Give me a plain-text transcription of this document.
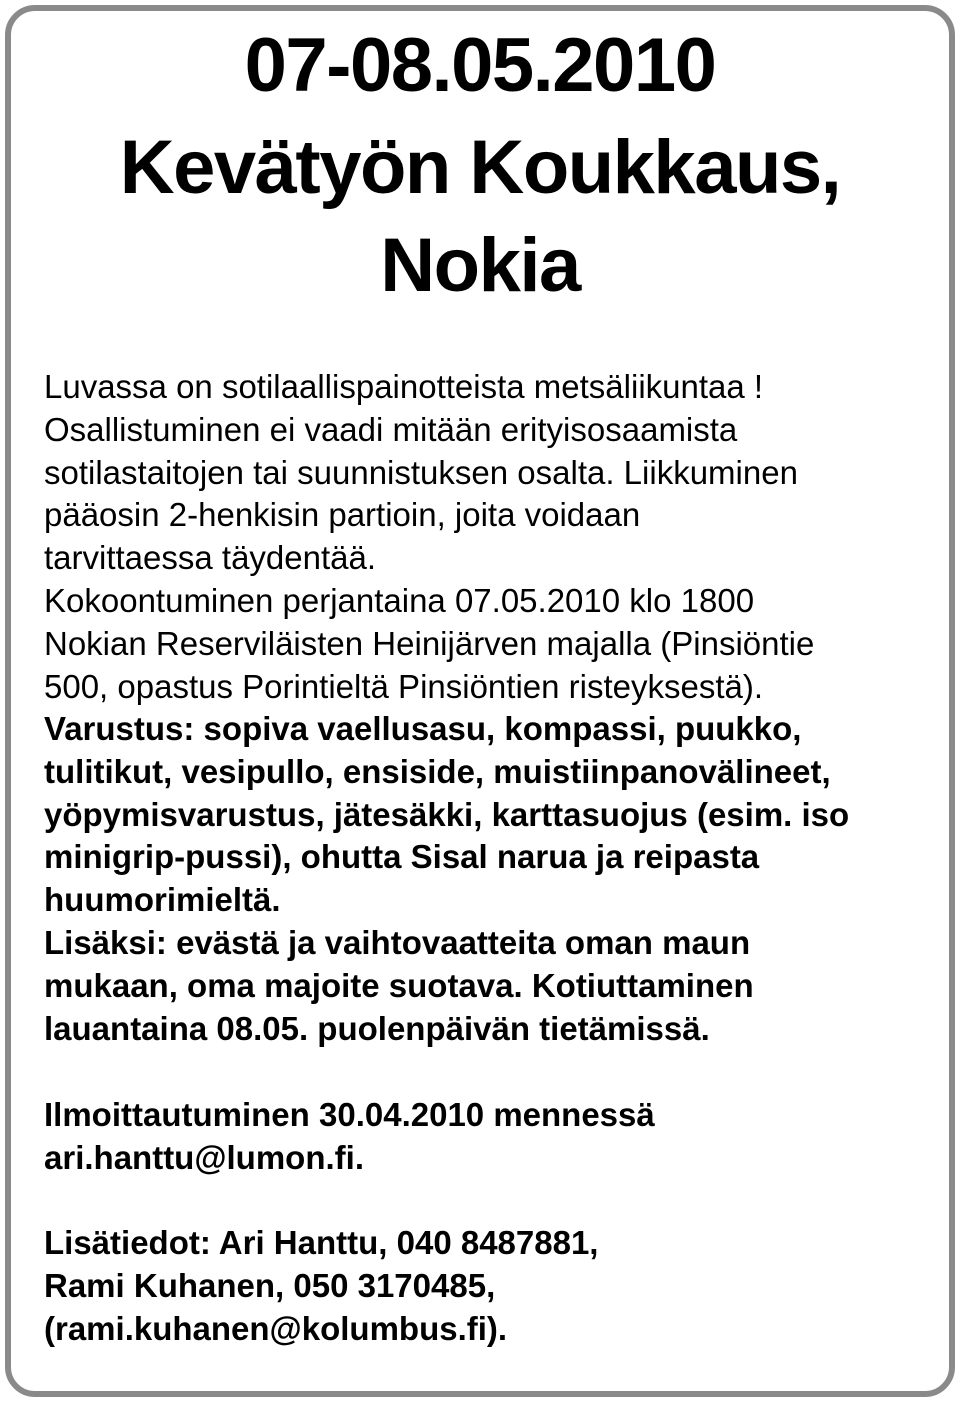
07-08.05.2010
Kevätyön Koukkaus,
Nokia
Luvassa on sotilaallispainotteista metsäliikuntaa !
Osallistuminen ei vaadi mitään erityisosaamista
sotilastaitojen tai suunnistuksen osalta. Liikkuminen
pääosin 2-henkisin partioin, joita voidaan
tarvittaessa täydentää.
Kokoontuminen perjantaina 07.05.2010 klo 1800
Nokian Reserviläisten Heinijärven majalla (Pinsiöntie
500, opastus Porintieltä Pinsiöntien risteyksestä).
Varustus: sopiva vaellusasu, kompassi, puukko,
tulitikut, vesipullo, ensiside, muistiinpanovälineet,
yöpymisvarustus, jätesäkki, karttasuojus (esim. iso
minigrip-pussi), ohutta Sisal narua ja reipasta
huumorimieltä.
Lisäksi: evästä ja vaihtovaatteita oman maun
mukaan, oma majoite suotava. Kotiuttaminen
lauantaina 08.05. puolenpäivän tietämissä.
Ilmoittautuminen 30.04.2010 mennessä
ari.hanttu@lumon.fi.
Lisätiedot: Ari Hanttu, 040 8487881,
Rami Kuhanen, 050 3170485,
(rami.kuhanen@kolumbus.fi).
